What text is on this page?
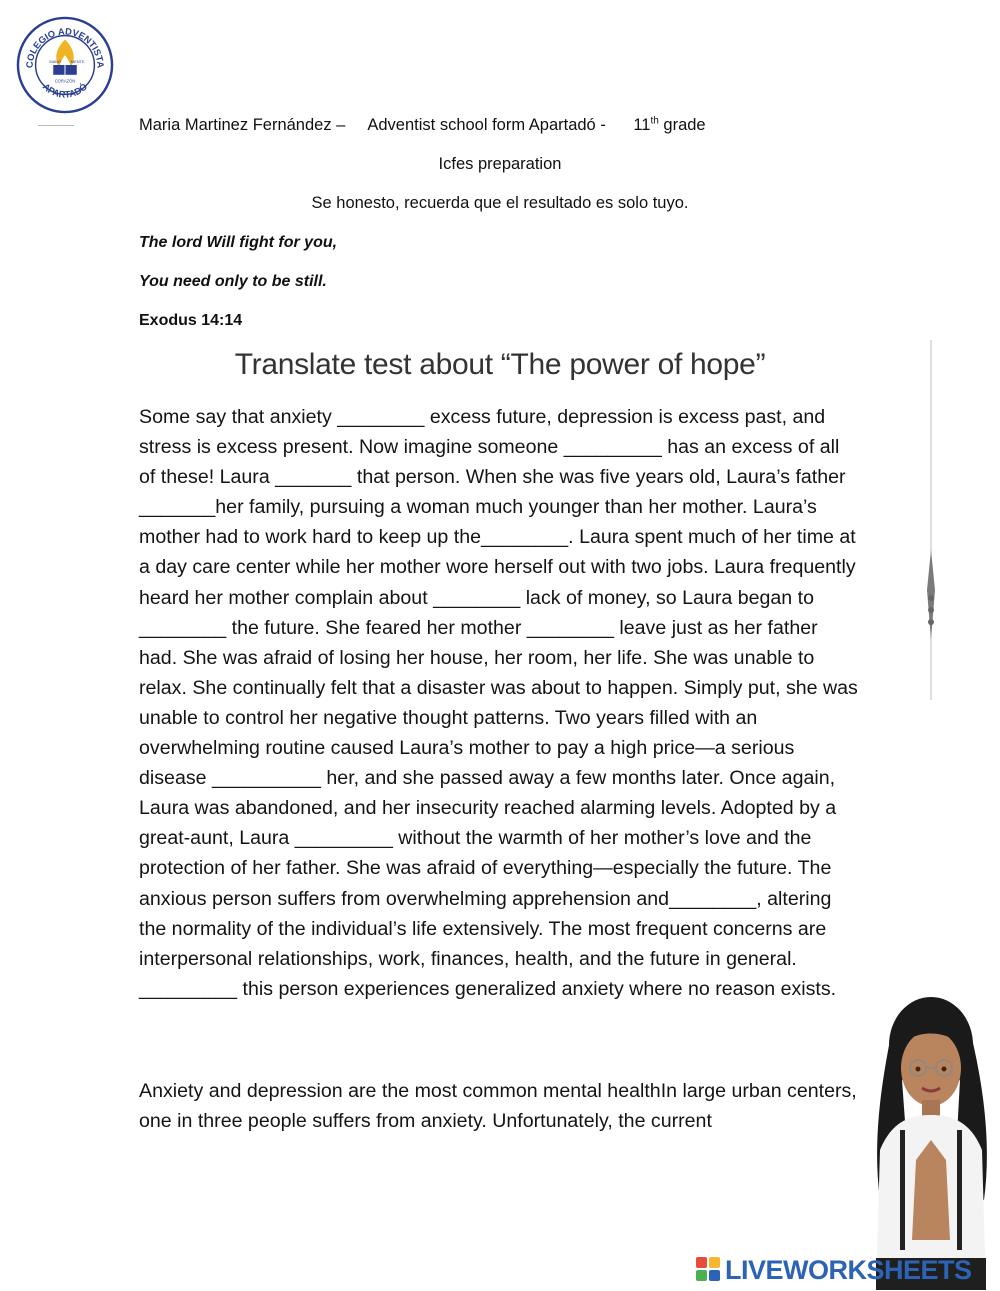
COLEGIO ADVENTISTA
APARTADÓ
MANO MENTE
CORAZÓN
Maria Martinez Fernández – Adventist school form Apartadó - 11th grade
Icfes preparation
Se honesto, recuerda que el resultado es solo tuyo.
The lord Will fight for you,
You need only to be still.
Exodus 14:14
Translate test about “The power of hope”
Some say that anxiety ________ excess future, depression is excess past, and stress is excess present. Now imagine someone _________ has an excess of all of these! Laura _______ that person. When she was five years old, Laura’s father _______her family, pursuing a woman much younger than her mother. Laura’s mother had to work hard to keep up the________. Laura spent much of her time at a day care center while her mother wore herself out with two jobs. Laura frequently heard her mother complain about ________ lack of money, so Laura began to ________ the future. She feared her mother ________ leave just as her father had. She was afraid of losing her house, her room, her life. She was unable to relax. She continually felt that a disaster was about to happen. Simply put, she was unable to control her negative thought patterns. Two years filled with an overwhelming routine caused Laura’s mother to pay a high price—a serious disease __________ her, and she passed away a few months later. Once again, Laura was abandoned, and her insecurity reached alarming levels. Adopted by a great-aunt, Laura _________ without the warmth of her mother’s love and the protection of her father. She was afraid of everything—especially the future. The anxious person suffers from overwhelming apprehension and________, altering the normality of the individual’s life extensively. The most frequent concerns are interpersonal relationships, work, finances, health, and the future in general. _________ this person experiences generalized anxiety where no reason exists.
Anxiety and depression are the most common mental healthIn large urban centers, one in three people suffers from anxiety. Unfortunately, the current
LIVEWORKSHEETS
